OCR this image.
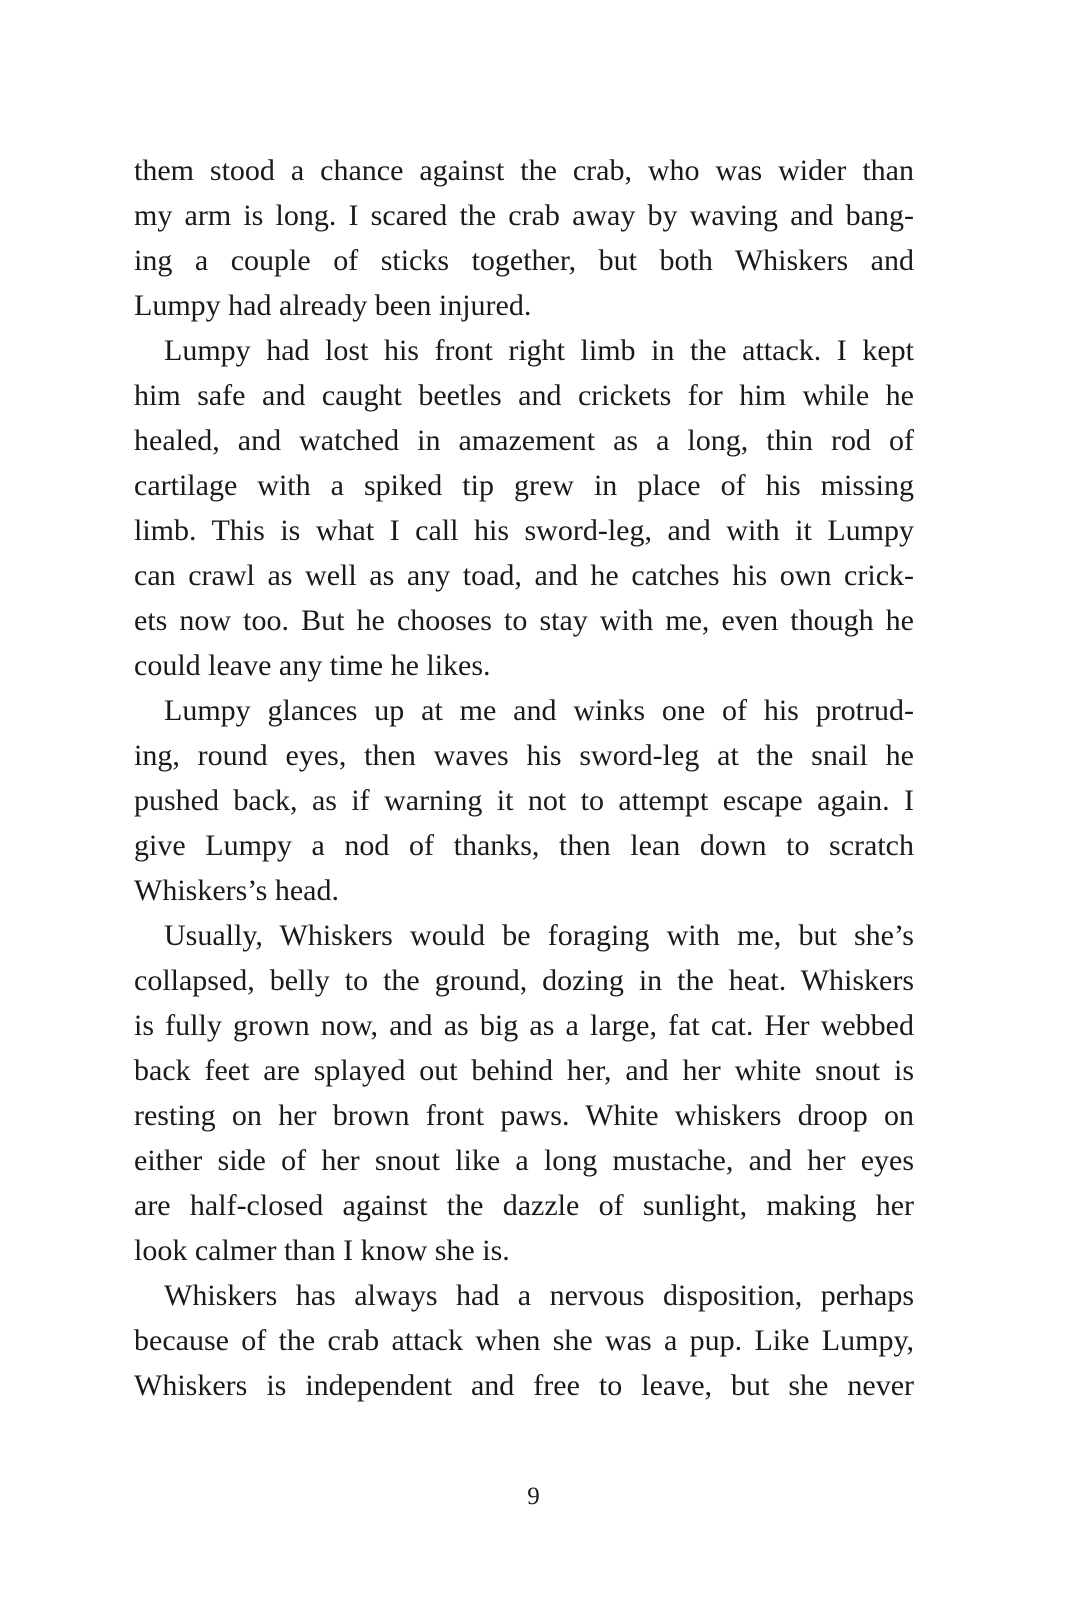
them stood a chance against the crab, who was wider than
my arm is long. I scared the crab away by waving and bang-
ing a couple of sticks together, but both Whiskers and
Lumpy had already been injured.
Lumpy had lost his front right limb in the attack. I kept
him safe and caught beetles and crickets for him while he
healed, and watched in amazement as a long, thin rod of
cartilage with a spiked tip grew in place of his missing
limb. This is what I call his sword-leg, and with it Lumpy
can crawl as well as any toad, and he catches his own crick-
ets now too. But he chooses to stay with me, even though he
could leave any time he likes.
Lumpy glances up at me and winks one of his protrud-
ing, round eyes, then waves his sword-leg at the snail he
pushed back, as if warning it not to attempt escape again. I
give Lumpy a nod of thanks, then lean down to scratch
Whiskers’s head.
Usually, Whiskers would be foraging with me, but she’s
collapsed, belly to the ground, dozing in the heat. Whiskers
is fully grown now, and as big as a large, fat cat. Her webbed
back feet are splayed out behind her, and her white snout is
resting on her brown front paws. White whiskers droop on
either side of her snout like a long mustache, and her eyes
are half-closed against the dazzle of sunlight, making her
look calmer than I know she is.
Whiskers has always had a nervous disposition, perhaps
because of the crab attack when she was a pup. Like Lumpy,
Whiskers is independent and free to leave, but she never
9
